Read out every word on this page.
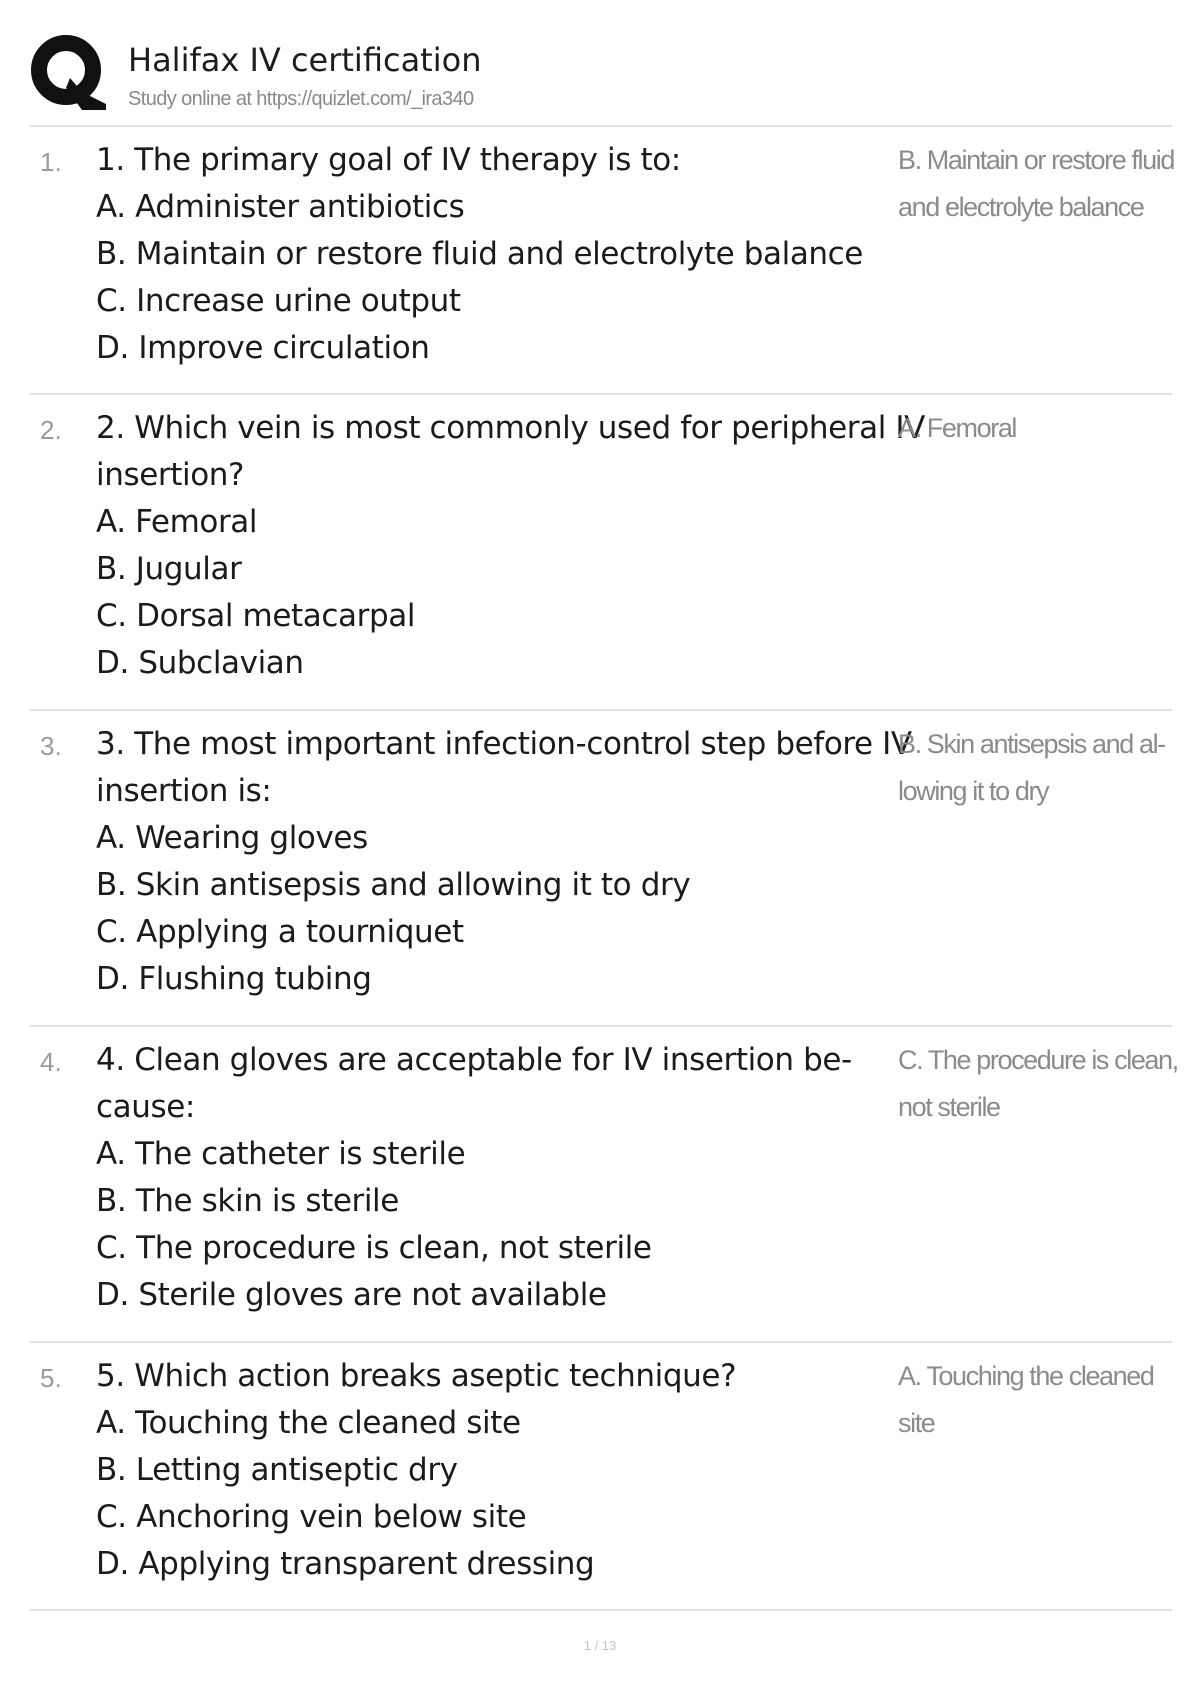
Halifax IV certification
Study online at https://quizlet.com/_ira340
1. 1. The primary goal of IV therapy is to:
A. Administer antibiotics
B. Maintain or restore fluid and electrolyte balance
C. Increase urine output
D. Improve circulation
B. Maintain or restore fluid
and electrolyte balance
2. 2. Which vein is most commonly used for peripheral IV
insertion?
A. Femoral
B. Jugular
C. Dorsal metacarpal
D. Subclavian
A. Femoral
3. 3. The most important infection-control step before IV
insertion is:
A. Wearing gloves
B. Skin antisepsis and allowing it to dry
C. Applying a tourniquet
D. Flushing tubing
B. Skin antisepsis and al-
lowing it to dry
4. 4. Clean gloves are acceptable for IV insertion be-
cause:
A. The catheter is sterile
B. The skin is sterile
C. The procedure is clean, not sterile
D. Sterile gloves are not available
C. The procedure is clean,
not sterile
5. 5. Which action breaks aseptic technique?
A. Touching the cleaned site
B. Letting antiseptic dry
C. Anchoring vein below site
D. Applying transparent dressing
A. Touching the cleaned
site
1 / 13
